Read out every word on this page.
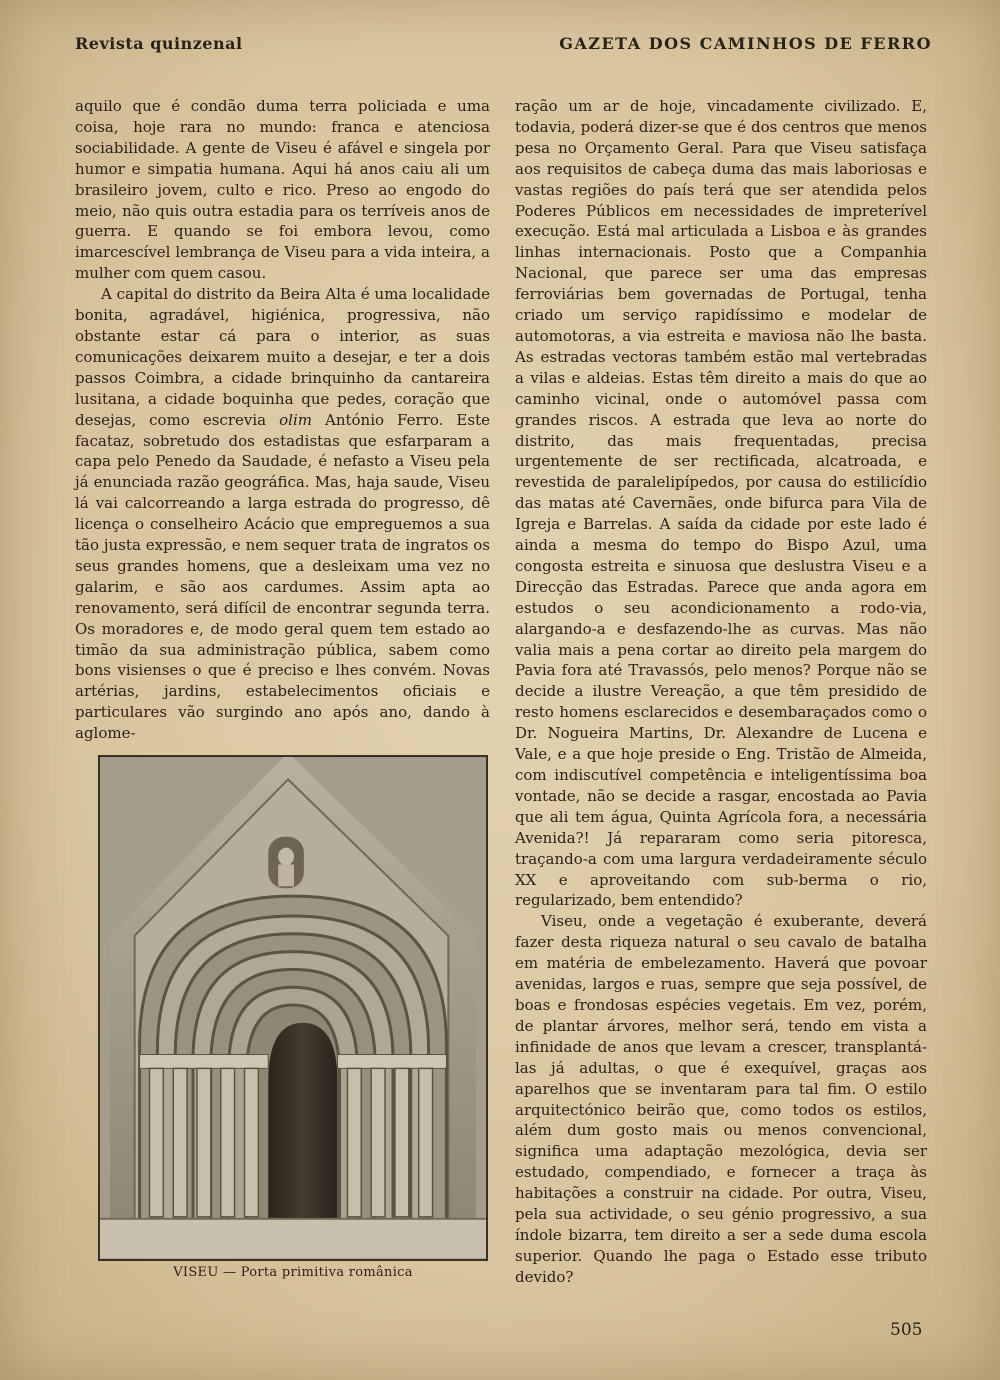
Revista quinzenal	GAZETA DOS CAMINHOS DE FERRO

aquilo que é condão duma terra policiada e uma coisa, hoje rara no mundo: franca e atenciosa sociabilidade. A gente de Viseu é afável e singela por humor e simpatia humana. Aqui há anos caiu ali um brasileiro jovem, culto e rico. Preso ao engodo do meio, não quis outra estadia para os terríveis anos de guerra. E quando se foi embora levou, como imarcescível lembrança de Viseu para a vida inteira, a mulher com quem casou.

A capital do distrito da Beira Alta é uma localidade bonita, agradável, higiénica, progressiva, não obstante estar cá para o interior, as suas comunicações deixarem muito a desejar, e ter a dois passos Coimbra, a cidade brinquinho da cantareira lusitana, a cidade boquinha que pedes, coração que desejas, como escrevia olim António Ferro. Este facataz, sobretudo dos estadistas que esfarparam a capa pelo Penedo da Saudade, é nefasto a Viseu pela já enunciada razão geográfica. Mas, haja saude, Viseu lá vai calcorreando a larga estrada do progresso, dê licença o conselheiro Acácio que empreguemos a sua tão justa expressão, e nem sequer trata de ingratos os seus grandes homens, que a desleixam uma vez no galarim, e são aos cardumes. Assim apta ao renovamento, será difícil de encontrar segunda terra. Os moradores e, de modo geral quem tem estado ao timão da sua administração pública, sabem como bons visienses o que é preciso e lhes convém. Novas artérias, jardins, estabelecimentos oficiais e particulares vão surgindo ano após ano, dando à aglome-

ração um ar de hoje, vincadamente civilizado. E, todavia, poderá dizer-se que é dos centros que menos pesa no Orçamento Geral. Para que Viseu satisfaça aos requisitos de cabeça duma das mais laboriosas e vastas regiões do país terá que ser atendida pelos Poderes Públicos em necessidades de impreterível execução. Está mal articulada a Lisboa e às grandes linhas internacionais. Posto que a Companhia Nacional, que parece ser uma das empresas ferroviárias bem governadas de Portugal, tenha criado um serviço rapidíssimo e modelar de automotoras, a via estreita e maviosa não lhe basta. As estradas vectoras também estão mal vertebradas a vilas e aldeias. Estas têm direito a mais do que ao caminho vicinal, onde o automóvel passa com grandes riscos. A estrada que leva ao norte do distrito, das mais frequentadas, precisa urgentemente de ser rectificada, alcatroada, e revestida de paralelipípedos, por causa do estilicídio das matas até Cavernães, onde bifurca para Vila de Igreja e Barrelas. A saída da cidade por este lado é ainda a mesma do tempo do Bispo Azul, uma congosta estreita e sinuosa que deslustra Viseu e a Direcção das Estradas. Parece que anda agora em estudos o seu acondicionamento a rodo-via, alargando-a e desfazendo-lhe as curvas. Mas não valia mais a pena cortar ao direito pela margem do Pavia fora até Travassós, pelo menos? Porque não se decide a ilustre Vereação, a que têm presidido de resto homens esclarecidos e desembaraçados como o Dr. Nogueira Martins, Dr. Alexandre de Lucena e Vale, e a que hoje preside o Eng. Tristão de Almeida, com indiscutível competência e inteligentíssima boa vontade, não se decide a rasgar, encostada ao Pavia que ali tem água, Quinta Agrícola fora, a necessária Avenida?! Já repararam como seria pitoresca, traçando-a com uma largura verdadeiramente século XX e aproveitando com sub-berma o rio, regularizado, bem entendido?

Viseu, onde a vegetação é exuberante, deverá fazer desta riqueza natural o seu cavalo de batalha em matéria de embelezamento. Haverá que povoar avenidas, largos e ruas, sempre que seja possível, de boas e frondosas espécies vegetais. Em vez, porém, de plantar árvores, melhor será, tendo em vista a infinidade de anos que levam a crescer, transplantá-las já adultas, o que é exequível, graças aos aparelhos que se inventaram para tal fim. O estilo arquitectónico beirão que, como todos os estilos, além dum gosto mais ou menos convencional, significa uma adaptação mezológica, devia ser estudado, compendiado, e fornecer a traça às habitações a construir na cidade. Por outra, Viseu, pela sua actividade, o seu génio progressivo, a sua índole bizarra, tem direito a ser a sede duma escola superior. Quando lhe paga o Estado esse tributo devido?

VISEU — Porta primitiva românica
505
